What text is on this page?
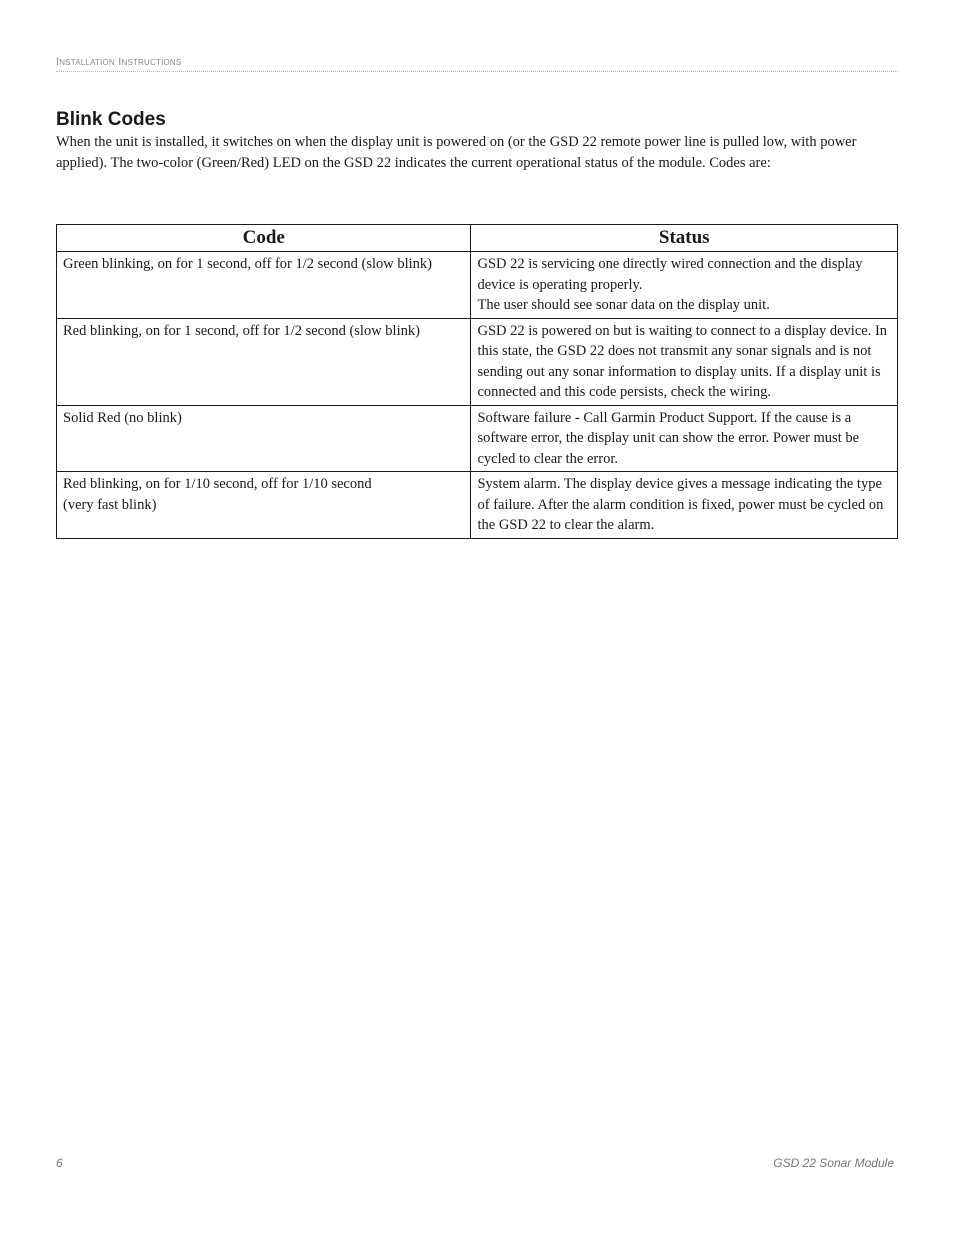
Installation Instructions
Blink Codes

When the unit is installed, it switches on when the display unit is powered on (or the GSD 22 remote power line is pulled low, with power applied). The two-color (Green/Red) LED on the GSD 22 indicates the current operational status of the module. Codes are:

Code	Status

Green blinking, on for 1 second, off for 1/2 second (slow blink)	GSD 22 is servicing one directly wired connection and the display device is operating properly.
The user should see sonar data on the display unit.

Red blinking, on for 1 second, off for 1/2 second (slow blink)	GSD 22 is powered on but is waiting to connect to a display device. In this state, the GSD 22 does not transmit any sonar signals and is not sending out any sonar information to display units. If a display unit is connected and this code persists, check the wiring.

Solid Red (no blink)	Software failure - Call Garmin Product Support. If the cause is a software error, the display unit can show the error. Power must be cycled to clear the error.

Red blinking, on for 1/10 second, off for 1/10 second
(very fast blink)	System alarm. The display device gives a message indicating the type of failure. After the alarm condition is fixed, power must be cycled on the GSD 22 to clear the alarm.
6	GSD 22 Sonar Module
